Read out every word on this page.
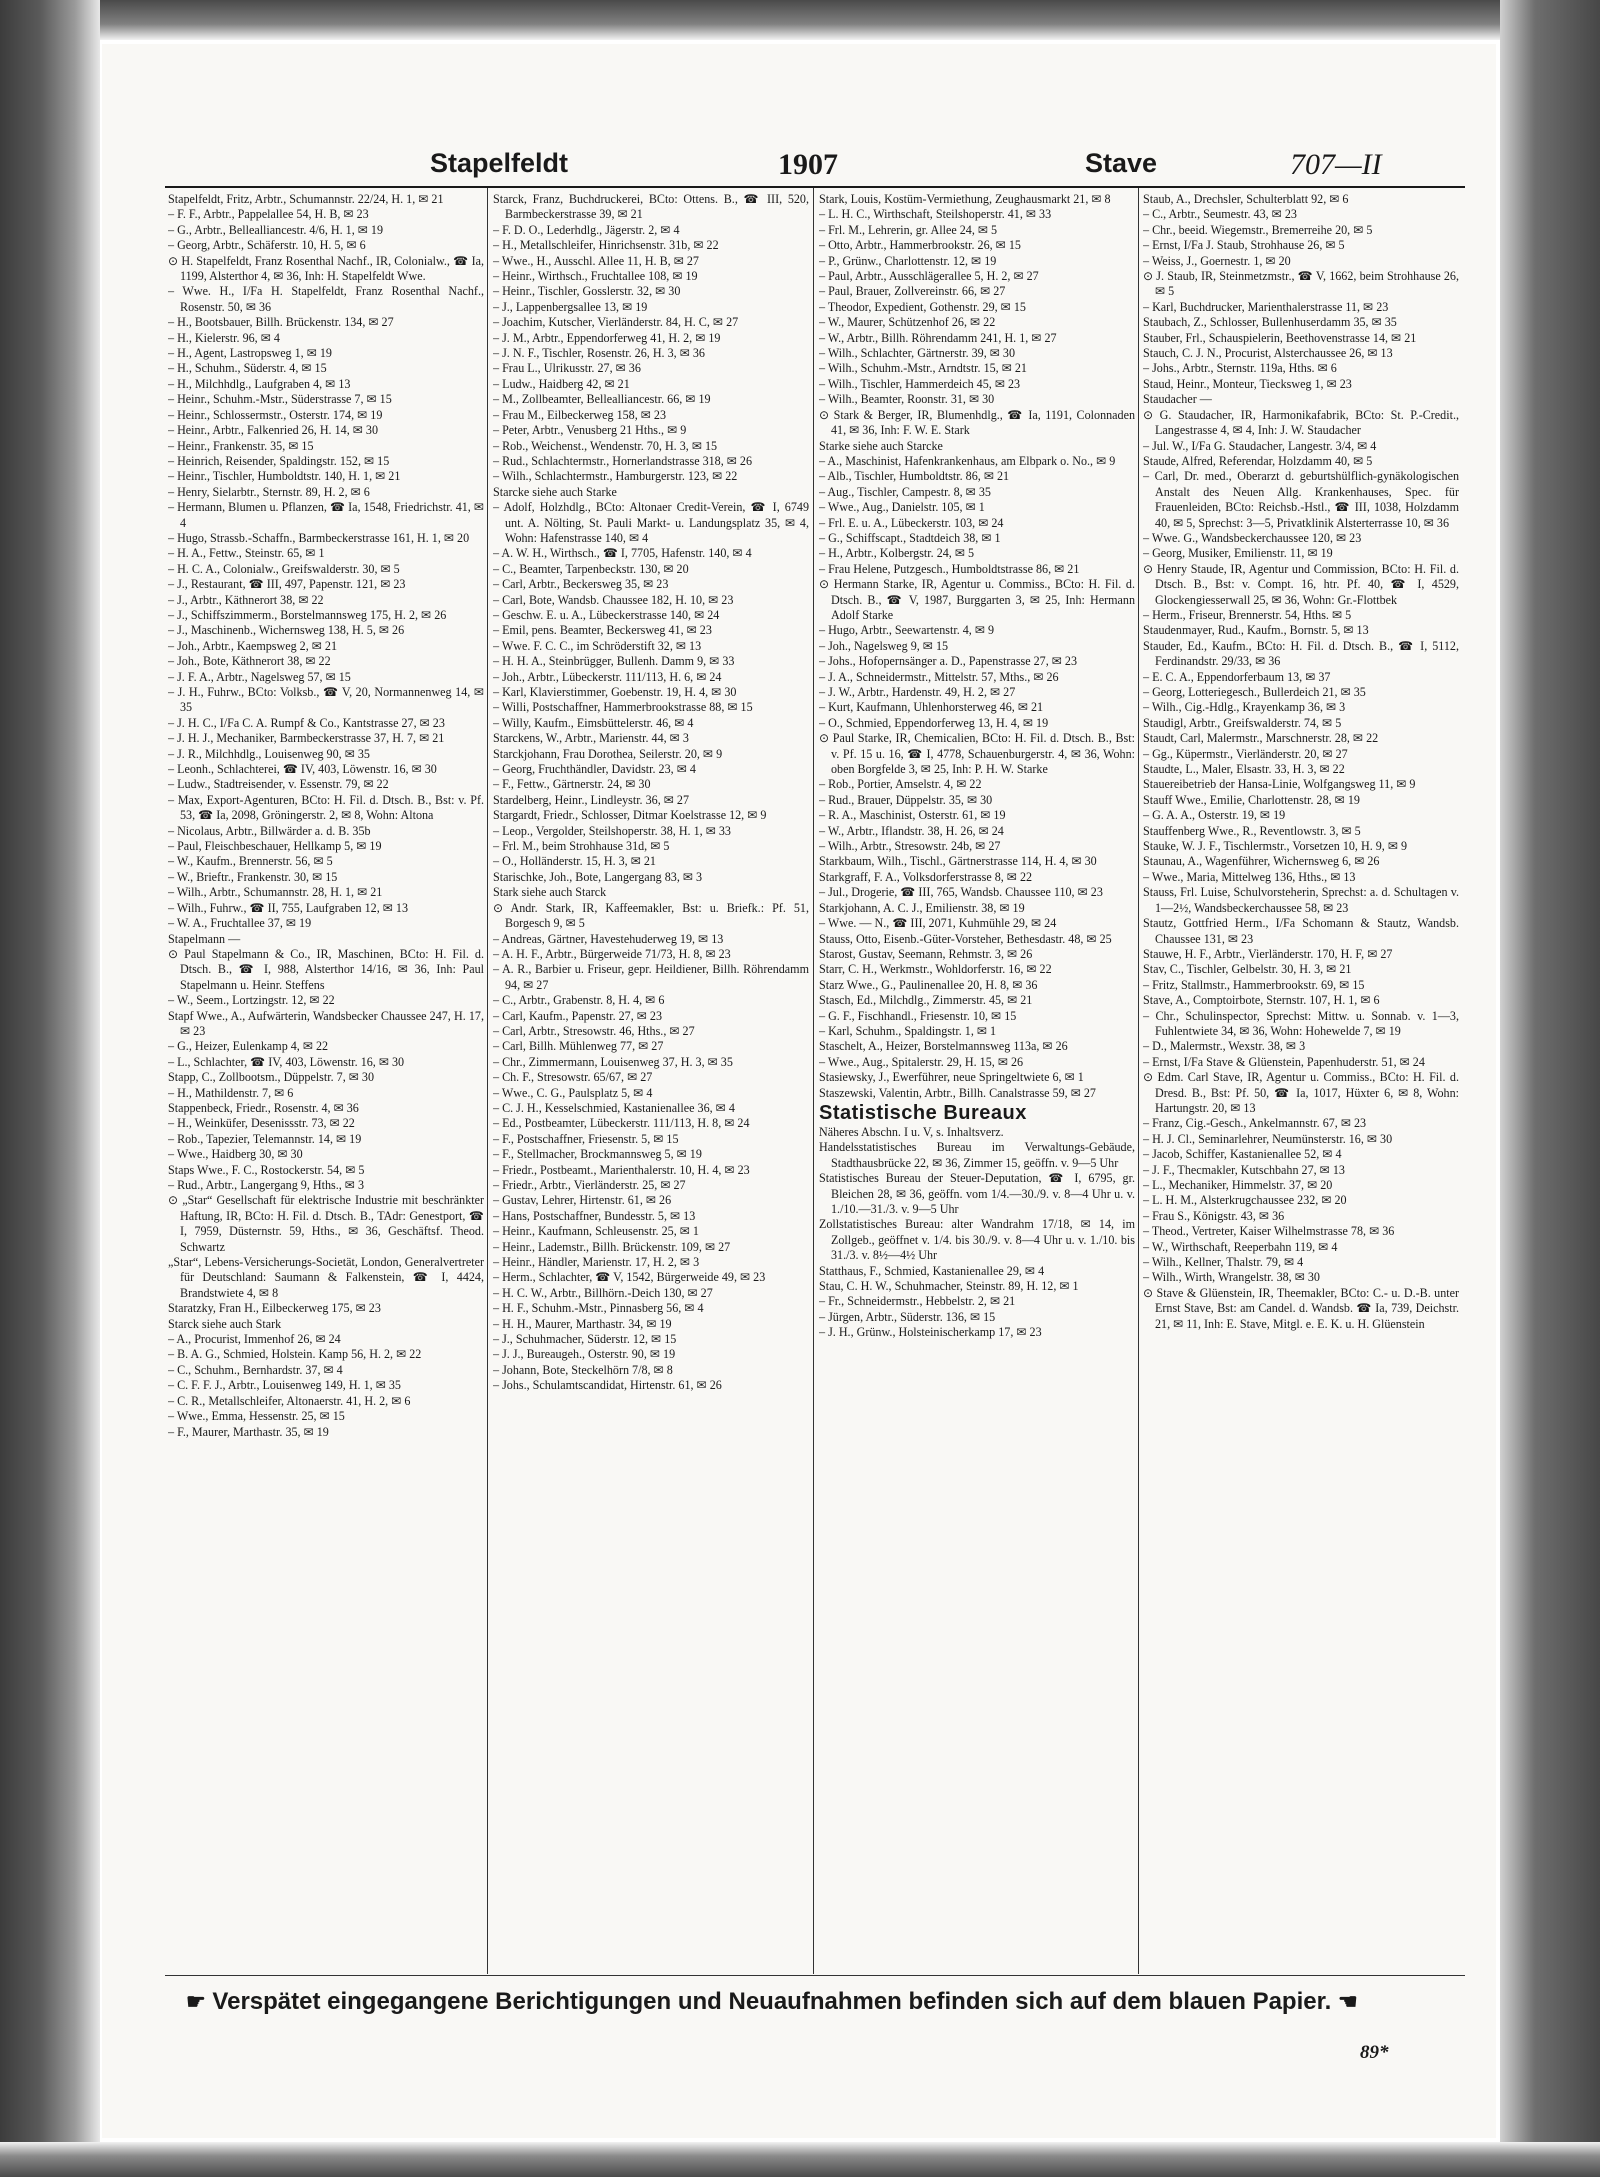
Stapelfeldt	1907	Stave	707—II

Stapelfeldt, Fritz, Arbtr., Schumannstr. 22/24, H. 1, ✉ 21

– F. F., Arbtr., Pappelallee 54, H. B, ✉ 23

– G., Arbtr., Bellealliancestr. 4/6, H. 1, ✉ 19

– Georg, Arbtr., Schäferstr. 10, H. 5, ✉ 6

⊙ H. Stapelfeldt, Franz Rosenthal Nachf., IR, Colonialw., ☎ Ia, 1199, Alsterthor 4, ✉ 36, Inh: H. Stapelfeldt Wwe.

– Wwe. H., I/Fa H. Stapelfeldt, Franz Rosenthal Nachf., Rosenstr. 50, ✉ 36

– H., Bootsbauer, Billh. Brückenstr. 134, ✉ 27

– H., Kielerstr. 96, ✉ 4

– H., Agent, Lastropsweg 1, ✉ 19

– H., Schuhm., Süderstr. 4, ✉ 15

– H., Milchhdlg., Laufgraben 4, ✉ 13

– Heinr., Schuhm.-Mstr., Süderstrasse 7, ✉ 15

– Heinr., Schlossermstr., Osterstr. 174, ✉ 19

– Heinr., Arbtr., Falkenried 26, H. 14, ✉ 30

– Heinr., Frankenstr. 35, ✉ 15

– Heinrich, Reisender, Spaldingstr. 152, ✉ 15

– Heinr., Tischler, Humboldtstr. 140, H. 1, ✉ 21

– Henry, Sielarbtr., Sternstr. 89, H. 2, ✉ 6

– Hermann, Blumen u. Pflanzen, ☎ Ia, 1548, Friedrichstr. 41, ✉ 4

– Hugo, Strassb.-Schaffn., Barmbeckerstrasse 161, H. 1, ✉ 20

– H. A., Fettw., Steinstr. 65, ✉ 1

– H. C. A., Colonialw., Greifswalderstr. 30, ✉ 5

– J., Restaurant, ☎ III, 497, Papenstr. 121, ✉ 23

– J., Arbtr., Käthnerort 38, ✉ 22

– J., Schiffszimmerm., Borstelmannsweg 175, H. 2, ✉ 26

– J., Maschinenb., Wichernsweg 138, H. 5, ✉ 26

– Joh., Arbtr., Kaempsweg 2, ✉ 21

– Joh., Bote, Käthnerort 38, ✉ 22

– J. F. A., Arbtr., Nagelsweg 57, ✉ 15

– J. H., Fuhrw., BCto: Volksb., ☎ V, 20, Normannenweg 14, ✉ 35

– J. H. C., I/Fa C. A. Rumpf & Co., Kantstrasse 27, ✉ 23

– J. H. J., Mechaniker, Barmbeckerstrasse 37, H. 7, ✉ 21

– J. R., Milchhdlg., Louisenweg 90, ✉ 35

– Leonh., Schlachterei, ☎ IV, 403, Löwenstr. 16, ✉ 30

– Ludw., Stadtreisender, v. Essenstr. 79, ✉ 22

– Max, Export-Agenturen, BCto: H. Fil. d. Dtsch. B., Bst: v. Pf. 53, ☎ Ia, 2098, Gröningerstr. 2, ✉ 8, Wohn: Altona

– Nicolaus, Arbtr., Billwärder a. d. B. 35b

– Paul, Fleischbeschauer, Hellkamp 5, ✉ 19

– W., Kaufm., Brennerstr. 56, ✉ 5

– W., Brieftr., Frankenstr. 30, ✉ 15

– Wilh., Arbtr., Schumannstr. 28, H. 1, ✉ 21

– Wilh., Fuhrw., ☎ II, 755, Laufgraben 12, ✉ 13

– W. A., Fruchtallee 37, ✉ 19

Stapelmann —

⊙ Paul Stapelmann & Co., IR, Maschinen, BCto: H. Fil. d. Dtsch. B., ☎ I, 988, Alsterthor 14/16, ✉ 36, Inh: Paul Stapelmann u. Heinr. Steffens

– W., Seem., Lortzingstr. 12, ✉ 22

Stapf Wwe., A., Aufwärterin, Wandsbecker Chaussee 247, H. 17, ✉ 23

– G., Heizer, Eulenkamp 4, ✉ 22

– L., Schlachter, ☎ IV, 403, Löwenstr. 16, ✉ 30

Stapp, C., Zollbootsm., Düppelstr. 7, ✉ 30

– H., Mathildenstr. 7, ✉ 6

Stappenbeck, Friedr., Rosenstr. 4, ✉ 36

– H., Weinküfer, Desenissstr. 73, ✉ 22

– Rob., Tapezier, Telemannstr. 14, ✉ 19

– Wwe., Haidberg 30, ✉ 30

Staps Wwe., F. C., Rostockerstr. 54, ✉ 5

– Rud., Arbtr., Langergang 9, Hths., ✉ 3

⊙ „Star“ Gesellschaft für elektrische Industrie mit beschränkter Haftung, IR, BCto: H. Fil. d. Dtsch. B., TAdr: Genestport, ☎ I, 7959, Düsternstr. 59, Hths., ✉ 36, Geschäftsf. Theod. Schwartz

„Star“, Lebens-Versicherungs-Societät, London, Generalvertreter für Deutschland: Saumann & Falkenstein, ☎ I, 4424, Brandstwiete 4, ✉ 8

Staratzky, Fran H., Eilbeckerweg 175, ✉ 23

Starck siehe auch Stark

– A., Procurist, Immenhof 26, ✉ 24

– B. A. G., Schmied, Holstein. Kamp 56, H. 2, ✉ 22

– C., Schuhm., Bernhardstr. 37, ✉ 4

– C. F. F. J., Arbtr., Louisenweg 149, H. 1, ✉ 35

– C. R., Metallschleifer, Altonaerstr. 41, H. 2, ✉ 6

– Wwe., Emma, Hessenstr. 25, ✉ 15

– F., Maurer, Marthastr. 35, ✉ 19

Starck, Franz, Buchdruckerei, BCto: Ottens. B., ☎ III, 520, Barmbeckerstrasse 39, ✉ 21

– F. D. O., Lederhdlg., Jägerstr. 2, ✉ 4

– H., Metallschleifer, Hinrichsenstr. 31b, ✉ 22

– Wwe., H., Ausschl. Allee 11, H. B, ✉ 27

– Heinr., Wirthsch., Fruchtallee 108, ✉ 19

– Heinr., Tischler, Gosslerstr. 32, ✉ 30

– J., Lappenbergsallee 13, ✉ 19

– Joachim, Kutscher, Vierländerstr. 84, H. C, ✉ 27

– J. M., Arbtr., Eppendorferweg 41, H. 2, ✉ 19

– J. N. F., Tischler, Rosenstr. 26, H. 3, ✉ 36

– Frau L., Ulrikusstr. 27, ✉ 36

– Ludw., Haidberg 42, ✉ 21

– M., Zollbeamter, Bellealliancestr. 66, ✉ 19

– Frau M., Eilbeckerweg 158, ✉ 23

– Peter, Arbtr., Venusberg 21 Hths., ✉ 9

– Rob., Weichenst., Wendenstr. 70, H. 3, ✉ 15

– Rud., Schlachtermstr., Hornerlandstrasse 318, ✉ 26

– Wilh., Schlachtermstr., Hamburgerstr. 123, ✉ 22

Starcke siehe auch Starke

– Adolf, Holzhdlg., BCto: Altonaer Credit-Verein, ☎ I, 6749 unt. A. Nölting, St. Pauli Markt- u. Landungsplatz 35, ✉ 4, Wohn: Hafenstrasse 140, ✉ 4

– A. W. H., Wirthsch., ☎ I, 7705, Hafenstr. 140, ✉ 4

– C., Beamter, Tarpenbeckstr. 130, ✉ 20

– Carl, Arbtr., Beckersweg 35, ✉ 23

– Carl, Bote, Wandsb. Chaussee 182, H. 10, ✉ 23

– Geschw. E. u. A., Lübeckerstrasse 140, ✉ 24

– Emil, pens. Beamter, Beckersweg 41, ✉ 23

– Wwe. F. C. C., im Schröderstift 32, ✉ 13

– H. H. A., Steinbrügger, Bullenh. Damm 9, ✉ 33

– Joh., Arbtr., Lübeckerstr. 111/113, H. 6, ✉ 24

– Karl, Klavierstimmer, Goebenstr. 19, H. 4, ✉ 30

– Willi, Postschaffner, Hammerbrookstrasse 88, ✉ 15

– Willy, Kaufm., Eimsbüttelerstr. 46, ✉ 4

Starckens, W., Arbtr., Marienstr. 44, ✉ 3

Starckjohann, Frau Dorothea, Seilerstr. 20, ✉ 9

– Georg, Fruchthändler, Davidstr. 23, ✉ 4

– F., Fettw., Gärtnerstr. 24, ✉ 30

Stardelberg, Heinr., Lindleystr. 36, ✉ 27

Stargardt, Friedr., Schlosser, Ditmar Koelstrasse 12, ✉ 9

– Leop., Vergolder, Steilshoperstr. 38, H. 1, ✉ 33

– Frl. M., beim Strohhause 31d, ✉ 5

– O., Holländerstr. 15, H. 3, ✉ 21

Starischke, Joh., Bote, Langergang 83, ✉ 3

Stark siehe auch Starck

⊙ Andr. Stark, IR, Kaffeemakler, Bst: u. Briefk.: Pf. 51, Borgesch 9, ✉ 5

– Andreas, Gärtner, Havestehuderweg 19, ✉ 13

– A. H. F., Arbtr., Bürgerweide 71/73, H. 8, ✉ 23

– A. R., Barbier u. Friseur, gepr. Heildiener, Billh. Röhrendamm 94, ✉ 27

– C., Arbtr., Grabenstr. 8, H. 4, ✉ 6

– Carl, Kaufm., Papenstr. 27, ✉ 23

– Carl, Arbtr., Stresowstr. 46, Hths., ✉ 27

– Carl, Billh. Mühlenweg 77, ✉ 27

– Chr., Zimmermann, Louisenweg 37, H. 3, ✉ 35

– Ch. F., Stresowstr. 65/67, ✉ 27

– Wwe., C. G., Paulsplatz 5, ✉ 4

– C. J. H., Kesselschmied, Kastanienallee 36, ✉ 4

– Ed., Postbeamter, Lübeckerstr. 111/113, H. 8, ✉ 24

– F., Postschaffner, Friesenstr. 5, ✉ 15

– F., Stellmacher, Brockmannsweg 5, ✉ 19

– Friedr., Postbeamt., Marienthalerstr. 10, H. 4, ✉ 23

– Friedr., Arbtr., Vierländerstr. 25, ✉ 27

– Gustav, Lehrer, Hirtenstr. 61, ✉ 26

– Hans, Postschaffner, Bundesstr. 5, ✉ 13

– Heinr., Kaufmann, Schleusenstr. 25, ✉ 1

– Heinr., Lademstr., Billh. Brückenstr. 109, ✉ 27

– Heinr., Händler, Marienstr. 17, H. 2, ✉ 3

– Herm., Schlachter, ☎ V, 1542, Bürgerweide 49, ✉ 23

– H. C. W., Arbtr., Billhörn.-Deich 130, ✉ 27

– H. F., Schuhm.-Mstr., Pinnasberg 56, ✉ 4

– H. H., Maurer, Marthastr. 34, ✉ 19

– J., Schuhmacher, Süderstr. 12, ✉ 15

– J. J., Bureaugeh., Osterstr. 90, ✉ 19

– Johann, Bote, Steckelhörn 7/8, ✉ 8

– Johs., Schulamtscandidat, Hirtenstr. 61, ✉ 26

Stark, Louis, Kostüm-Vermiethung, Zeughausmarkt 21, ✉ 8

– L. H. C., Wirthschaft, Steilshoperstr. 41, ✉ 33

– Frl. M., Lehrerin, gr. Allee 24, ✉ 5

– Otto, Arbtr., Hammerbrookstr. 26, ✉ 15

– P., Grünw., Charlottenstr. 12, ✉ 19

– Paul, Arbtr., Ausschlägerallee 5, H. 2, ✉ 27

– Paul, Brauer, Zollvereinstr. 66, ✉ 27

– Theodor, Expedient, Gothenstr. 29, ✉ 15

– W., Maurer, Schützenhof 26, ✉ 22

– W., Arbtr., Billh. Röhrendamm 241, H. 1, ✉ 27

– Wilh., Schlachter, Gärtnerstr. 39, ✉ 30

– Wilh., Schuhm.-Mstr., Arndtstr. 15, ✉ 21

– Wilh., Tischler, Hammerdeich 45, ✉ 23

– Wilh., Beamter, Roonstr. 31, ✉ 30

⊙ Stark & Berger, IR, Blumenhdlg., ☎ Ia, 1191, Colonnaden 41, ✉ 36, Inh: F. W. E. Stark

Starke siehe auch Starcke

– A., Maschinist, Hafenkrankenhaus, am Elbpark o. No., ✉ 9

– Alb., Tischler, Humboldtstr. 86, ✉ 21

– Aug., Tischler, Campestr. 8, ✉ 35

– Wwe., Aug., Danielstr. 105, ✉ 1

– Frl. E. u. A., Lübeckerstr. 103, ✉ 24

– G., Schiffscapt., Stadtdeich 38, ✉ 1

– H., Arbtr., Kolbergstr. 24, ✉ 5

– Frau Helene, Putzgesch., Humboldtstrasse 86, ✉ 21

⊙ Hermann Starke, IR, Agentur u. Commiss., BCto: H. Fil. d. Dtsch. B., ☎ V, 1987, Burggarten 3, ✉ 25, Inh: Hermann Adolf Starke

– Hugo, Arbtr., Seewartenstr. 4, ✉ 9

– Joh., Nagelsweg 9, ✉ 15

– Johs., Hofopernsänger a. D., Papenstrasse 27, ✉ 23

– J. A., Schneidermstr., Mittelstr. 57, Mths., ✉ 26

– J. W., Arbtr., Hardenstr. 49, H. 2, ✉ 27

– Kurt, Kaufmann, Uhlenhorsterweg 46, ✉ 21

– O., Schmied, Eppendorferweg 13, H. 4, ✉ 19

⊙ Paul Starke, IR, Chemicalien, BCto: H. Fil. d. Dtsch. B., Bst: v. Pf. 15 u. 16, ☎ I, 4778, Schauenburgerstr. 4, ✉ 36, Wohn: oben Borgfelde 3, ✉ 25, Inh: P. H. W. Starke

– Rob., Portier, Amselstr. 4, ✉ 22

– Rud., Brauer, Düppelstr. 35, ✉ 30

– R. A., Maschinist, Osterstr. 61, ✉ 19

– W., Arbtr., Iflandstr. 38, H. 26, ✉ 24

– Wilh., Arbtr., Stresowstr. 24b, ✉ 27

Starkbaum, Wilh., Tischl., Gärtnerstrasse 114, H. 4, ✉ 30

Starkgraff, F. A., Volksdorferstrasse 8, ✉ 22

– Jul., Drogerie, ☎ III, 765, Wandsb. Chaussee 110, ✉ 23

Starkjohann, A. C. J., Emilienstr. 38, ✉ 19

– Wwe. — N., ☎ III, 2071, Kuhmühle 29, ✉ 24

Stauss, Otto, Eisenb.-Güter-Vorsteher, Bethesdastr. 48, ✉ 25

Starost, Gustav, Seemann, Rehmstr. 3, ✉ 26

Starr, C. H., Werkmstr., Wohldorferstr. 16, ✉ 22

Starz Wwe., G., Paulinenallee 20, H. 8, ✉ 36

Stasch, Ed., Milchdlg., Zimmerstr. 45, ✉ 21

– G. F., Fischhandl., Friesenstr. 10, ✉ 15

– Karl, Schuhm., Spaldingstr. 1, ✉ 1

Staschelt, A., Heizer, Borstelmannsweg 113a, ✉ 26

– Wwe., Aug., Spitalerstr. 29, H. 15, ✉ 26

Stasiewsky, J., Ewerführer, neue Springeltwiete 6, ✉ 1

Staszewski, Valentin, Arbtr., Billh. Canalstrasse 59, ✉ 27

Statistische Bureaux

Näheres Abschn. I u. V, s. Inhaltsverz.

Handelsstatistisches Bureau im Verwaltungs-Gebäude, Stadthausbrücke 22, ✉ 36, Zimmer 15, geöffn. v. 9—5 Uhr

Statistisches Bureau der Steuer-Deputation, ☎ I, 6795, gr. Bleichen 28, ✉ 36, geöffn. vom 1/4.—30./9. v. 8—4 Uhr u. v. 1./10.—31./3. v. 9—5 Uhr

Zollstatistisches Bureau: alter Wandrahm 17/18, ✉ 14, im Zollgeb., geöffnet v. 1/4. bis 30./9. v. 8—4 Uhr u. v. 1./10. bis 31./3. v. 8½—4½ Uhr

Statthaus, F., Schmied, Kastanienallee 29, ✉ 4

Stau, C. H. W., Schuhmacher, Steinstr. 89, H. 12, ✉ 1

– Fr., Schneidermstr., Hebbelstr. 2, ✉ 21

– Jürgen, Arbtr., Süderstr. 136, ✉ 15

– J. H., Grünw., Holsteinischerkamp 17, ✉ 23

Staub, A., Drechsler, Schulterblatt 92, ✉ 6

– C., Arbtr., Seumestr. 43, ✉ 23

– Chr., beeid. Wiegemstr., Bremerreihe 20, ✉ 5

– Ernst, I/Fa J. Staub, Strohhause 26, ✉ 5

– Weiss, J., Goernestr. 1, ✉ 20

⊙ J. Staub, IR, Steinmetzmstr., ☎ V, 1662, beim Strohhause 26, ✉ 5

– Karl, Buchdrucker, Marienthalerstrasse 11, ✉ 23

Staubach, Z., Schlosser, Bullenhuserdamm 35, ✉ 35

Stauber, Frl., Schauspielerin, Beethovenstrasse 14, ✉ 21

Stauch, C. J. N., Procurist, Alsterchaussee 26, ✉ 13

– Johs., Arbtr., Sternstr. 119a, Hths. ✉ 6

Staud, Heinr., Monteur, Tiecksweg 1, ✉ 23

Staudacher —

⊙ G. Staudacher, IR, Harmonikafabrik, BCto: St. P.-Credit., Langestrasse 4, ✉ 4, Inh: J. W. Staudacher

– Jul. W., I/Fa G. Staudacher, Langestr. 3/4, ✉ 4

Staude, Alfred, Referendar, Holzdamm 40, ✉ 5

– Carl, Dr. med., Oberarzt d. geburtshülflich-gynäkologischen Anstalt des Neuen Allg. Krankenhauses, Spec. für Frauenleiden, BCto: Reichsb.-Hstl., ☎ III, 1038, Holzdamm 40, ✉ 5, Sprechst: 3—5, Privatklinik Alsterterrasse 10, ✉ 36

– Wwe. G., Wandsbeckerchaussee 120, ✉ 23

– Georg, Musiker, Emilienstr. 11, ✉ 19

⊙ Henry Staude, IR, Agentur und Commission, BCto: H. Fil. d. Dtsch. B., Bst: v. Compt. 16, htr. Pf. 40, ☎ I, 4529, Glockengiesserwall 25, ✉ 36, Wohn: Gr.-Flottbek

– Herm., Friseur, Brennerstr. 54, Hths. ✉ 5

Staudenmayer, Rud., Kaufm., Bornstr. 5, ✉ 13

Stauder, Ed., Kaufm., BCto: H. Fil. d. Dtsch. B., ☎ I, 5112, Ferdinandstr. 29/33, ✉ 36

– E. C. A., Eppendorferbaum 13, ✉ 37

– Georg, Lotteriegesch., Bullerdeich 21, ✉ 35

– Wilh., Cig.-Hdlg., Krayenkamp 36, ✉ 3

Staudigl, Arbtr., Greifswalderstr. 74, ✉ 5

Staudt, Carl, Malermstr., Marschnerstr. 28, ✉ 22

– Gg., Küpermstr., Vierländerstr. 20, ✉ 27

Staudte, L., Maler, Elsastr. 33, H. 3, ✉ 22

Stauereibetrieb der Hansa-Linie, Wolfgangsweg 11, ✉ 9

Stauff Wwe., Emilie, Charlottenstr. 28, ✉ 19

– G. A. A., Osterstr. 19, ✉ 19

Stauffenberg Wwe., R., Reventlowstr. 3, ✉ 5

Stauke, W. J. F., Tischlermstr., Vorsetzen 10, H. 9, ✉ 9

Staunau, A., Wagenführer, Wichernsweg 6, ✉ 26

– Wwe., Maria, Mittelweg 136, Hths., ✉ 13

Stauss, Frl. Luise, Schulvorsteherin, Sprechst: a. d. Schultagen v. 1—2½, Wandsbeckerchaussee 58, ✉ 23

Stautz, Gottfried Herm., I/Fa Schomann & Stautz, Wandsb. Chaussee 131, ✉ 23

Stauwe, H. F., Arbtr., Vierländerstr. 170, H. F, ✉ 27

Stav, C., Tischler, Gelbelstr. 30, H. 3, ✉ 21

– Fritz, Stallmstr., Hammerbrookstr. 69, ✉ 15

Stave, A., Comptoirbote, Sternstr. 107, H. 1, ✉ 6

– Chr., Schulinspector, Sprechst: Mittw. u. Sonnab. v. 1—3, Fuhlentwiete 34, ✉ 36, Wohn: Hohewelde 7, ✉ 19

– D., Malermstr., Wexstr. 38, ✉ 3

– Ernst, I/Fa Stave & Glüenstein, Papenhuderstr. 51, ✉ 24

⊙ Edm. Carl Stave, IR, Agentur u. Commiss., BCto: H. Fil. d. Dresd. B., Bst: Pf. 50, ☎ Ia, 1017, Hüxter 6, ✉ 8, Wohn: Hartungstr. 20, ✉ 13

– Franz, Cig.-Gesch., Ankelmannstr. 67, ✉ 23

– H. J. Cl., Seminarlehrer, Neumünsterstr. 16, ✉ 30

– Jacob, Schiffer, Kastanienallee 52, ✉ 4

– J. F., Thecmakler, Kutschbahn 27, ✉ 13

– L., Mechaniker, Himmelstr. 37, ✉ 20

– L. H. M., Alsterkrugchaussee 232, ✉ 20

– Frau S., Königstr. 43, ✉ 36

– Theod., Vertreter, Kaiser Wilhelmstrasse 78, ✉ 36

– W., Wirthschaft, Reeperbahn 119, ✉ 4

– Wilh., Kellner, Thalstr. 79, ✉ 4

– Wilh., Wirth, Wrangelstr. 38, ✉ 30

⊙ Stave & Glüenstein, IR, Theemakler, BCto: C.- u. D.-B. unter Ernst Stave, Bst: am Candel. d. Wandsb. ☎ Ia, 739, Deichstr. 21, ✉ 11, Inh: E. Stave, Mitgl. e. E. K. u. H. Glüenstein

☛ Verspätet eingegangene Berichtigungen und Neuaufnahmen befinden sich auf dem blauen Papier. ☚
89*
